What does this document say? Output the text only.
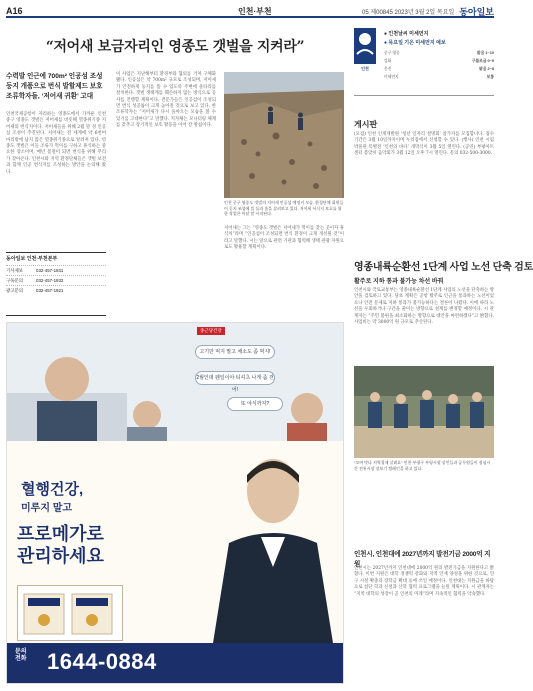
A16	인천·부천	05 제00845 2023년 3월 2일 목요일 동아일보
“저어새 보금자리인 영종도 갯벌을 지켜라”
수력발 인근에 700m² 인공섬 조성
둥지 개품으로 번식 발할제드 보호
조류학자들, ‘저어새 귀환’ 고대
인천국제공항이 자리하는 영종도에서 가까운 인천 중구 영종도 갯벌은 저어새를 비롯해 멸종위기종 저어새의 번식지이다. 저어새들을 위해 2월 말 경 인공섬 조성이 추진된다. 저어새는 전 세계에 약 6천여 마리밖에 남지 않은 멸종위기종으로 알려져 있다. 영종도 갯벌은 이들 조류가 먹이를 구하고 휴식하는 중요한 장소이며, 매년 봄철이 되면 번식을 위해 무리가 찾아온다. 인천시와 지역 환경단체들은 갯벌 보전과 함께 인공 번식지를 조성하는 방안을 논의해 왔다.
이 사업은 지난해부터 환경부와 협의를 거쳐 구체화됐다. 인공섬은 약 700m² 규모로 조성되며, 저어새가 안전하게 둥지를 틀 수 있도록 주변에 울타리를 설치한다. 갯벌 생태계를 훼손하지 않는 방식으로 공사를 진행할 계획이다. 전문가들은 인공섬이 조성되면 번식 성공률이 크게 높아질 것으로 보고 있다. 한 조류학자는 “저어새가 다시 돌아오는 모습을 볼 수 있기를 고대한다”고 말했다. 지자체는 모니터링 체계를 갖추고 장기적인 보호 활동을 이어 갈 방침이다.
인천 중구 영종도 갯벌의 저어새 인공섬 예정지 모습. 환경단체 회원들이 둥지 조성에 쓸 돌과 흙을 살펴보고 있다. 저어새 서식지 보호를 위한 작업은 이달 말 시작된다.
저어새는 그는 “영종도 갯벌은 저어새가 먹이를 찾는 곳이자 휴식처”라며 “인공섬이 조성되면 번식 환경이 크게 개선될 것”이라고 말했다. 시는 앞으로 관련 기관과 협력해 생태 관광 자원으로도 활용할 계획이다.
동아일보 인천·부천본부
기사제보	032-457-1931
구독문의	032-457-1932
광고문의	032-457-1921
인천
● 인천날씨 미세먼지
● 목요일 기온 미세먼지 예보
중구 영종	맑음 1~10
강화	구름조금 0~9
옹진	맑음 2~8
미세먼지	보통
게시판
(모집) 인천 인재개발원 ‘청년 일자리 설명회’ 참가자를 모집합니다. 접수 기간은 3월 10일까지이며 누리집에서 신청할 수 있다. (행사) 인천 시립박물관 특별전 ‘인천의 바다’ 개막식이 3월 5일 열린다. (공연) 부평아트센터 봄맞이 음악회가 3월 12일 오후 7시 열린다. 문의 032-500-3000.
종근당건강
고기만 먹지 말고 채소도 좀 먹지!
2월인데 웬일이야 티셔츠 나게 좀 걷어!
또 야식까지?
혈행건강,
미루지 말고
프로메가로
관리하세요
문의
전화 1644-0884
영종내륙순환선 1단계 사업 노선 단축 검토
활주로 지하 통과 불가능 차선 바꿔
인천시와 국토교통부는 영종내륙순환선 1단계 사업의 노선을 단축하는 방안을 검토하고 있다. 당초 계획은 공항 활주로 인근을 통과하는 노선이었으나 안전 문제로 지하 통과가 불가능하다는 결론이 나왔다. 이에 따라 노선을 우회하거나 구간을 줄이는 방향으로 설계를 변경할 예정이다. 시 관계자는 “주민 불편을 최소화하는 방향으로 대안을 마련하겠다”고 밝혔다. 사업비는 약 3000억 원 규모로 추산된다.
“모여 맛나 지역경제 살려요” 인천 부평구 부평시장 상인들과 공무원들이 점심시간 전통시장 장보기 캠페인을 하고 있다.
인천시, 인천대에 2027년까지 발전기금 2000억 지원
인천시는 2027년까지 인천대에 2000억 원의 발전기금을 지원한다고 밝혔다. 이번 지원은 대학 경쟁력 강화와 지역 인재 양성을 위한 것으로, 연구 시설 확충과 장학금 확대 등에 쓰일 예정이다. 인천대는 지원금을 바탕으로 첨단 학과 신설과 산학 협력 프로그램을 늘릴 계획이다. 시 관계자는 “지역 대학의 성장이 곧 인천의 미래”라며 지속적인 협력을 약속했다.
